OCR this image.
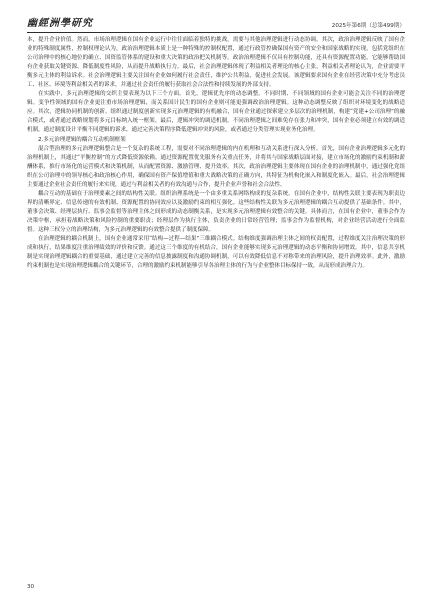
幽經洲學研究	2025年第6期（总第499期）

本，提升企业价值。然而，市场治理逻辑在国有企业运行中往往面临着独特的挑战，需要与其他治理逻辑进行动态协调。其次，政治治理逻辑反映了国有企业的特殊制度属性，控制权理论认为，政治治理逻辑本质上是一种特殊的控制权配置，通过行政管控确保国有资产的安全和国家战略的实现，包括党组织在公司治理中的核心地位的确立、国资监管体系的建设和重大决策的政治把关机制等。政治治理逻辑不仅具有控制功能，还具有资源配置功能，它能够帮助国有企业获取关键资源、降低制度性风险，从而提升战略执行力。最后，社会治理逻辑体现了利益相关者理论的核心主张，利益相关者理论认为，企业需要平衡多元主体的利益诉求。社会治理逻辑主要关注国有企业如何履行社会责任，维护公共利益，促进社会发展。该逻辑要求国有企业在经营决策中充分考虑员工、社区、环境等利益相关者的诉求，并通过社会责任的履行获取社会合法性和持续发展的外部支持。

在实践中，多元治理逻辑的交织主要表现为以下三个方面。首先，逻辑优先序的动态调整。不同时期、不同领域的国有企业可能会关注不同的治理逻辑。变争性领域的国有企业更注重市场治理逻辑，而关系国计民生的国有企业则可能更强调政治治理逻辑。这种动态调整反映了组织对环境变化的战略适应。其次，逻辑协同机制的创新。组织通过制度创新实现多元治理逻辑的有机融合，国有企业通过探索建立多层次的治理机制，构建“党建+公司治理”的融合模式，或者通过战略规划将多元目标纳入统一框架。最后，逻辑冲突的调适机制。不同治理逻辑之间难免存在张力和冲突，国有企业必须建立有效的调适机制，通过制度设计平衡不同逻辑的诉求，通过完善决策程序降低逻辑冲突的风险，或者通过分类管理实现业务化治理。

2.多元治理逻辑的耦合互动机制框架

混合型治理的多元治理逻辑整合是一个复杂的系统工程，需要对不同治理逻辑的内在机理和互动关系进行深入分析。首先，国有企业治理逻辑多元化的治理机制上，其通过“平衡控制”的方式降低资源依赖。通过资源配置优先服务有关重点任务，并将其与国家战略层面对接，建立市场化的激励约束机制和薪酬体系，推行市场化的运营模式和决策机制，从而配置资源、激励管理、提升效率。其次，政治治理逻辑主要体现在国有企业的治理机制中，通过强化党组织在公司治理中的领导核心和政治核心作用，确保国有资产保值增值和重大战略决策的正确方向，其特征为机构化嵌入和制度化嵌入。最后，社会治理逻辑主要通过企业社会责任的履行来实现，通过与利益相关者的有效沟通与合作，提升企业声誉和社会合法性。

耦合互动的基础在于治理要素之间的结构性关联。组织治理系统是一个由多重关系网络构成的复杂系统。在国有企业中，结构性关联主要表现为职责边界的清晰界定、信息传递的有效机制、资源配置的协同效应以及激励约束的相互强化。这些结构性关联为多元治理逻辑的耦合互动提供了基础条件。其中，董事会决策、经理层执行、监事会监督等治理主体之间形成的动态制衡关系，是实现多元治理逻辑有效整合的关键。具体而言，在国有企业中，董事会作为决策中枢，承担着战略决策和风险控制的重要职责；经理层作为执行主体，负责企业的日常经营管理；监事会作为监督机构，对企业经营活动进行全面监督。这种三权分立的治理结构，为多元治理逻辑的有效整合提供了制度保障。

在治理逻辑的耦合机制上，国有企业通常采用“结构—过程—结果”三维耦合模式。结构维度强调治理主体之间的权责配置，过程维度关注治理决策的形成和执行，结果维度注重治理绩效的评价和反馈。通过这三个维度的有机结合，国有企业能够实现多元治理逻辑的动态平衡和协同增效。其中，信息共享机制是实现治理逻辑耦合的重要基础，通过建立完善的信息披露制度和沟通协调机制，可以有效降低信息不对称带来的治理风险，提升治理效率。此外，激励约束机制也是实现治理逻辑耦合的关键环节，合理的激励约束机制能够引导各治理主体的行为与企业整体目标保持一致，从而形成治理合力。

30
